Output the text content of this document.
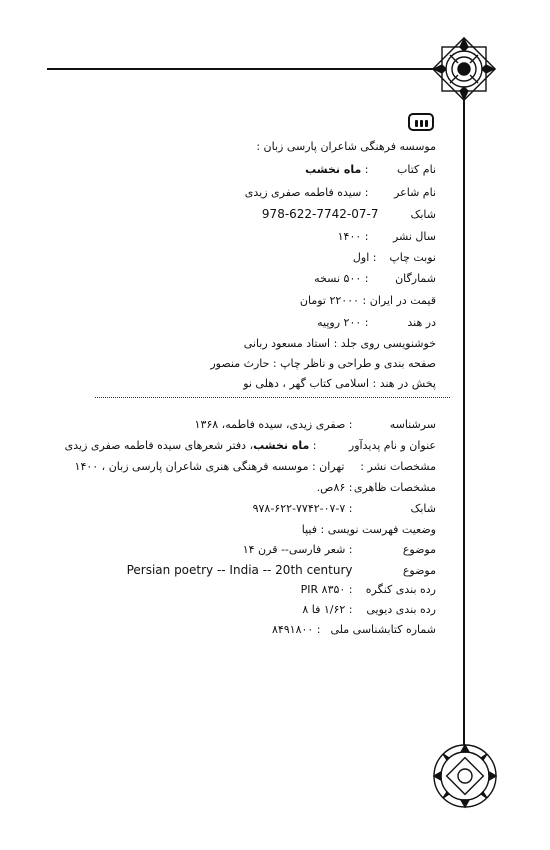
موسسه فرهنگی شاعران پارسی زبان :
نام کتاب : ماه نخشب
نام شاعر : سیده فاطمه صفری زیدی
شابک 978-622-7742-07-7
سال نشر : ۱۴۰۰
نوبت چاپ : اول
شمارگان : ۵۰۰ نسخه
قیمت در ایران : ۲۲۰۰۰ تومان
در هند : ۲۰۰ روپیه
خوشنویسی روی جلد : استاد مسعود ربانی
صفحه بندی و طراحی و ناظر چاپ : حارث منصور
پخش در هند : اسلامی کتاب گهر ، دهلی نو
سرشناسه : صفری زیدی، سیده فاطمه، ۱۳۶۸
عنوان و نام پدیدآور : ماه نخشب، دفتر شعرهای سیده فاطمه صفری زیدی
مشخصات نشر : تهران : موسسه فرهنگی هنری شاعران پارسی زبان ، ۱۴۰۰
مشخصات ظاهری : ۸۶ص.
شابک : ۹۷۸-۶۲۲-۷۷۴۲-۰۷-۷
وضعیت فهرست نویسی : فیپا
موضوع : شعر فارسی-- قرن ۱۴
موضوع Persian poetry -- India -- 20th century
رده بندی کنگره : PIR ۸۳۵۰
رده بندی دیویی : ۱/۶۲ فا ۸
شماره کتابشناسی ملی : ۸۴۹۱۸۰۰
